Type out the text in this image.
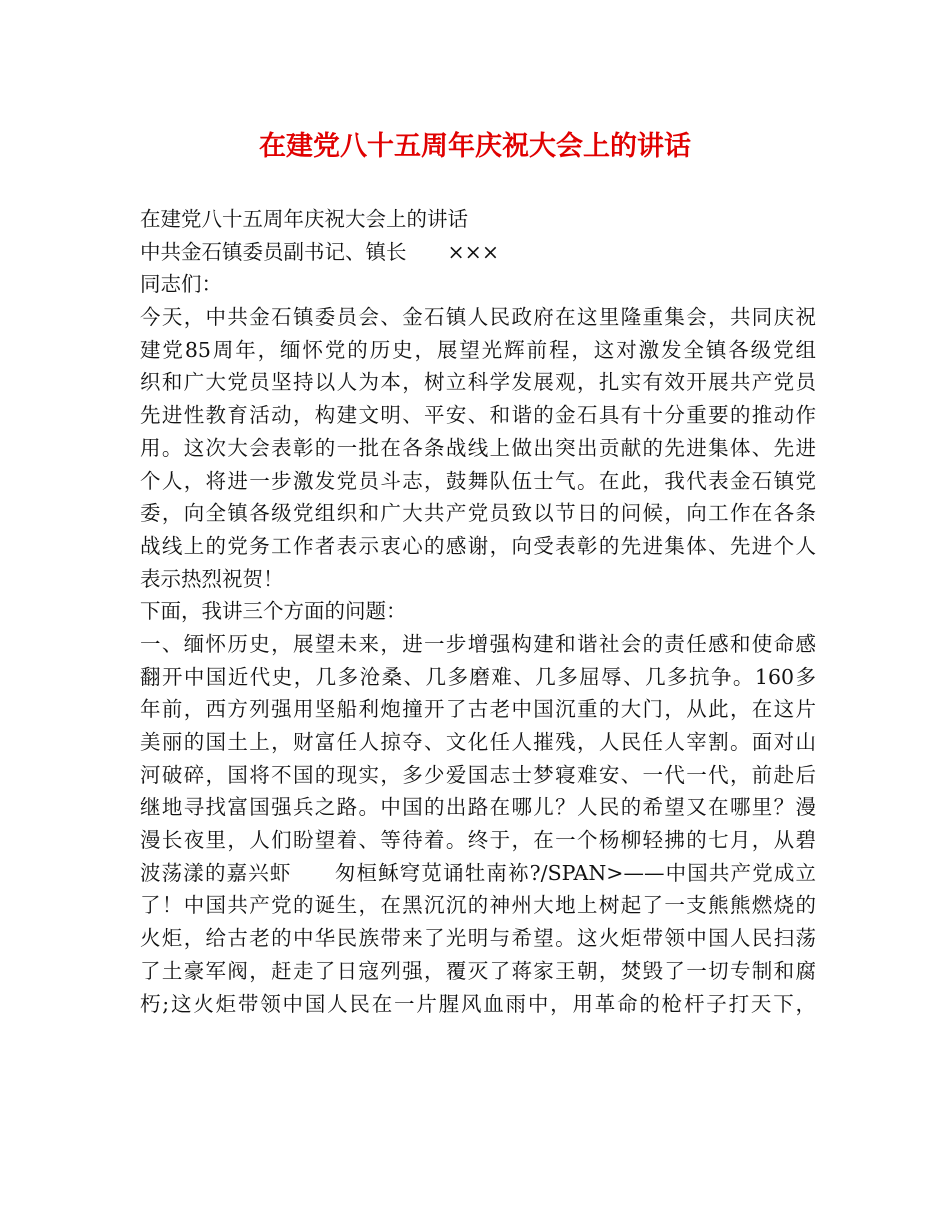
在建党八十五周年庆祝大会上的讲话
在建党八十五周年庆祝大会上的讲话
中共金石镇委员副书记、镇长　　×××
同志们：
今天，中共金石镇委员会、金石镇人民政府在这里隆重集会，共同庆祝
建党85周年，缅怀党的历史，展望光辉前程，这对激发全镇各级党组
织和广大党员坚持以人为本，树立科学发展观，扎实有效开展共产党员
先进性教育活动，构建文明、平安、和谐的金石具有十分重要的推动作
用。这次大会表彰的一批在各条战线上做出突出贡献的先进集体、先进
个人，将进一步激发党员斗志，鼓舞队伍士气。在此，我代表金石镇党
委，向全镇各级党组织和广大共产党员致以节日的问候，向工作在各条
战线上的党务工作者表示衷心的感谢，向受表彰的先进集体、先进个人
表示热烈祝贺！
下面，我讲三个方面的问题：
一、缅怀历史，展望未来，进一步增强构建和谐社会的责任感和使命感
翻开中国近代史，几多沧桑、几多磨难、几多屈辱、几多抗争。160多
年前，西方列强用坚船利炮撞开了古老中国沉重的大门，从此，在这片
美丽的国土上，财富任人掠夺、文化任人摧残，人民任人宰割。面对山
河破碎，国将不国的现实，多少爱国志士梦寝难安、一代一代，前赴后
继地寻找富国强兵之路。中国的出路在哪儿？人民的希望又在哪里？漫
漫长夜里，人们盼望着、等待着。终于，在一个杨柳轻拂的七月，从碧
波荡漾的嘉兴虾　　匆桓稣穹苋诵牡南袮?/SPAN>——中国共产党成立
了！中国共产党的诞生，在黑沉沉的神州大地上树起了一支熊熊燃烧的
火炬，给古老的中华民族带来了光明与希望。这火炬带领中国人民扫荡
了土豪军阀，赶走了日寇列强，覆灭了蒋家王朝，焚毁了一切专制和腐
朽;这火炬带领中国人民在一片腥风血雨中，用革命的枪杆子打天下，
